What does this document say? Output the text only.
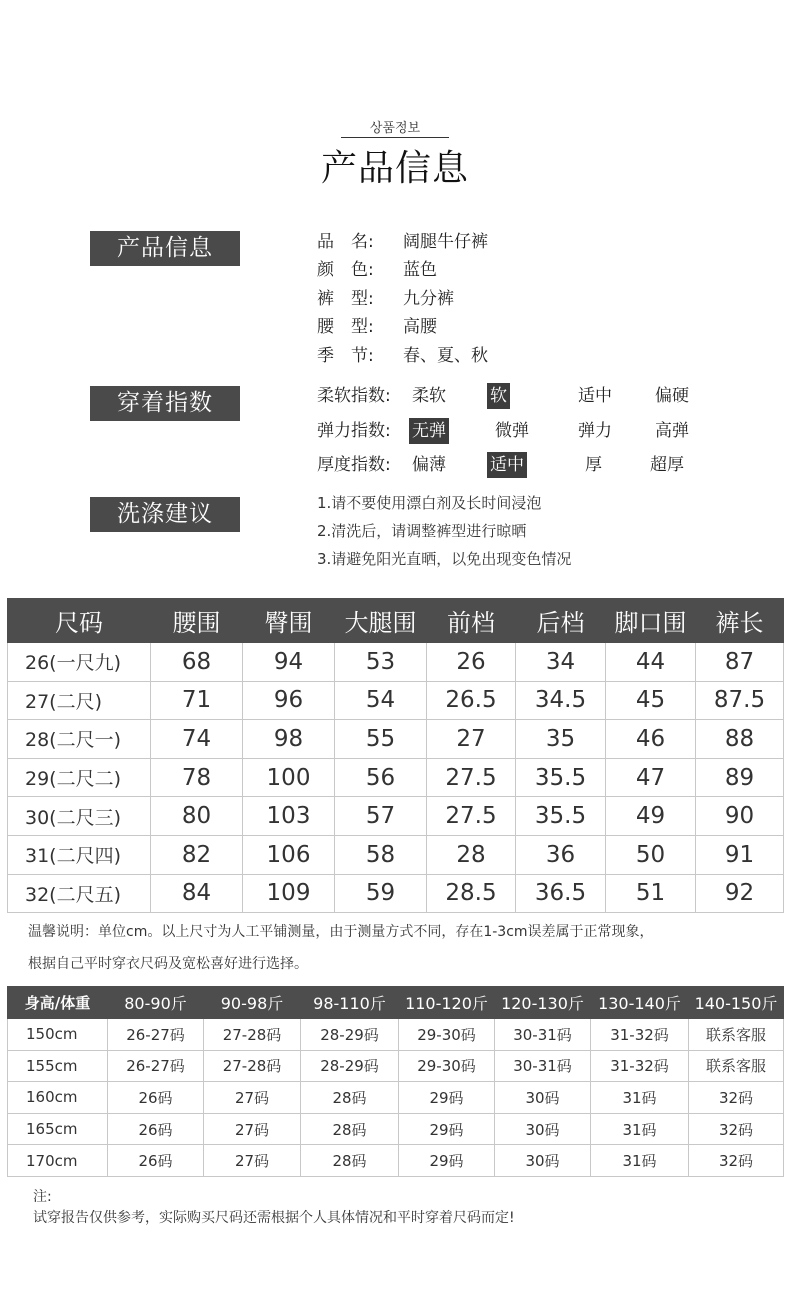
상품정보
产品信息
产品信息	品　名: 阔腿牛仔裤
颜　色: 蓝色
裤　型: 九分裤
腰　型: 高腰
季　节: 春、夏、秋
穿着指数	柔软指数:	柔软	软	适中	偏硬
弹力指数:	无弹	微弹	弹力	高弹
厚度指数:	偏薄	适中	厚	超厚
洗涤建议	1.请不要使用漂白剂及长时间浸泡
2.清洗后，请调整裤型进行晾晒
3.请避免阳光直晒，以免出现变色情况
尺码	腰围	臀围	大腿围	前档	后档	脚口围	裤长
26(一尺九)	68	94	53	26	34	44	87
27(二尺)	71	96	54	26.5	34.5	45	87.5
28(二尺一)	74	98	55	27	35	46	88
29(二尺二)	78	100	56	27.5	35.5	47	89
30(二尺三)	80	103	57	27.5	35.5	49	90
31(二尺四)	82	106	58	28	36	50	91
32(二尺五)	84	109	59	28.5	36.5	51	92
温馨说明：单位cm。以上尺寸为人工平铺测量，由于测量方式不同，存在1-3cm误差属于正常现象，
根据自己平时穿衣尺码及宽松喜好进行选择。
身高/体重	80-90斤	90-98斤	98-110斤	110-120斤	120-130斤	130-140斤	140-150斤
150cm	26-27码	27-28码	28-29码	29-30码	30-31码	31-32码	联系客服
155cm	26-27码	27-28码	28-29码	29-30码	30-31码	31-32码	联系客服
160cm	26码	27码	28码	29码	30码	31码	32码
165cm	26码	27码	28码	29码	30码	31码	32码
170cm	26码	27码	28码	29码	30码	31码	32码
注:
试穿报告仅供参考，实际购买尺码还需根据个人具体情况和平时穿着尺码而定!
